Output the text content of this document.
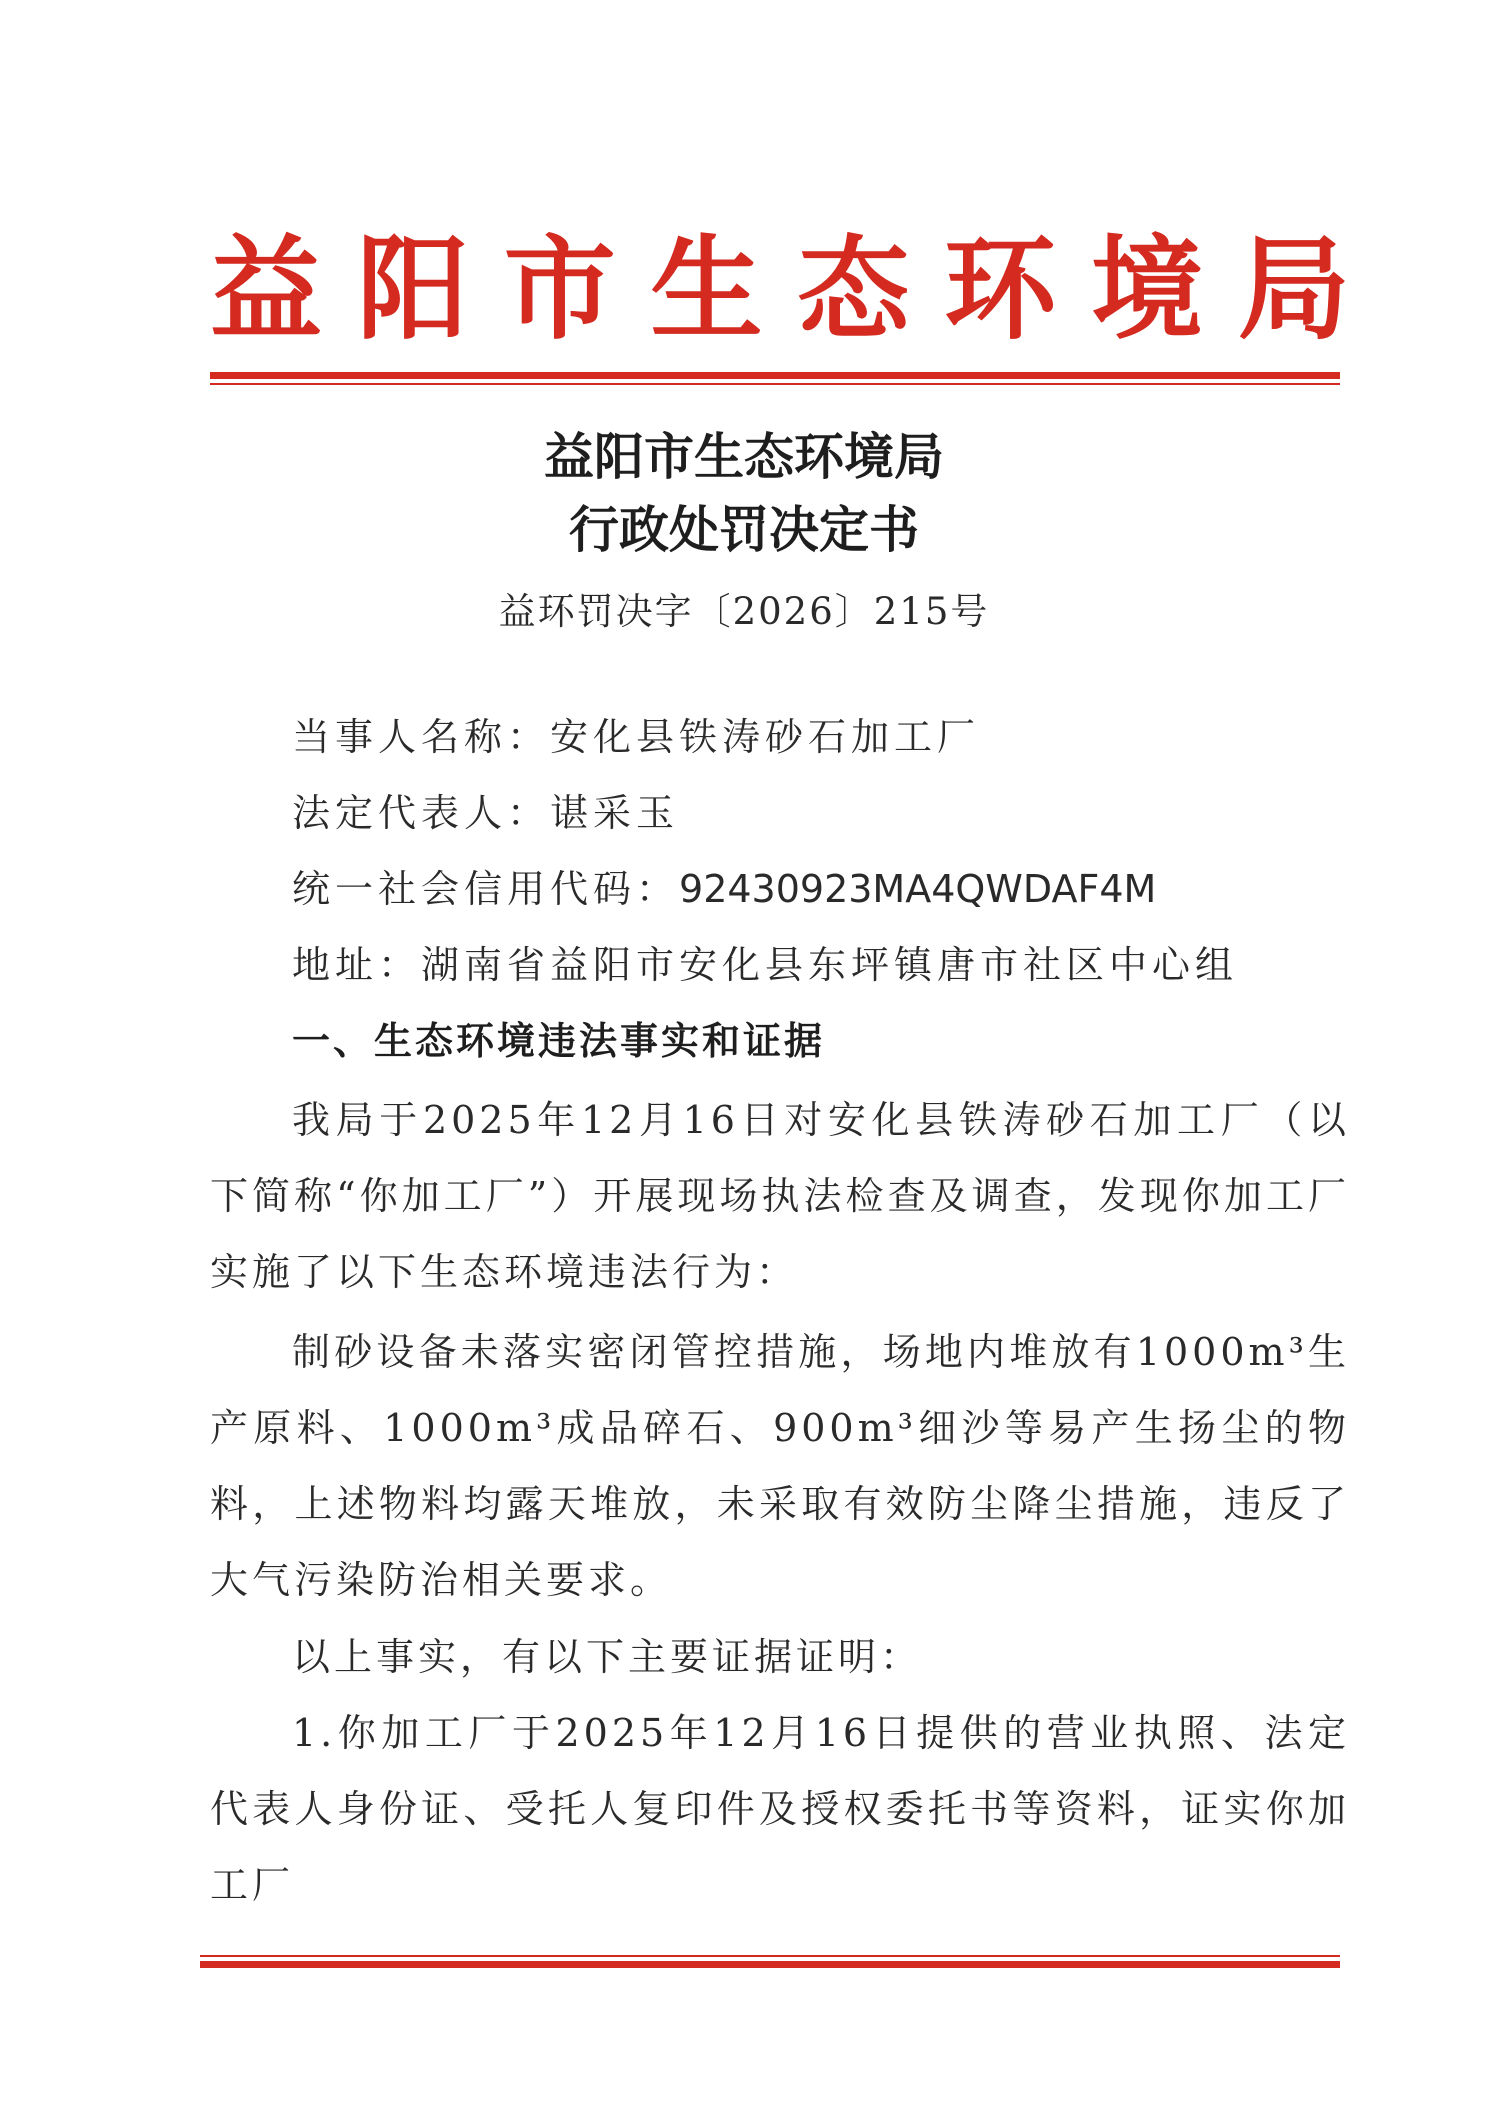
益 阳 市 生 态 环 境 局
益阳市生态环境局
行政处罚决定书
益环罚决字〔2026〕215号
当事人名称：安化县铁涛砂石加工厂
法定代表人：谌采玉
统一社会信用代码：92430923MA4QWDAF4M
地址：湖南省益阳市安化县东坪镇唐市社区中心组
一、生态环境违法事实和证据
我局于2025年12月16日对安化县铁涛砂石加工厂（以下简称“你加工厂”）开展现场执法检查及调查，发现你加工厂实施了以下生态环境违法行为：
制砂设备未落实密闭管控措施，场地内堆放有1000m³生产原料、1000m³成品碎石、900m³细沙等易产生扬尘的物料，上述物料均露天堆放，未采取有效防尘降尘措施，违反了大气污染防治相关要求。
以上事实，有以下主要证据证明：
1.你加工厂于2025年12月16日提供的营业执照、法定代表人身份证、受托人复印件及授权委托书等资料，证实你加工厂
